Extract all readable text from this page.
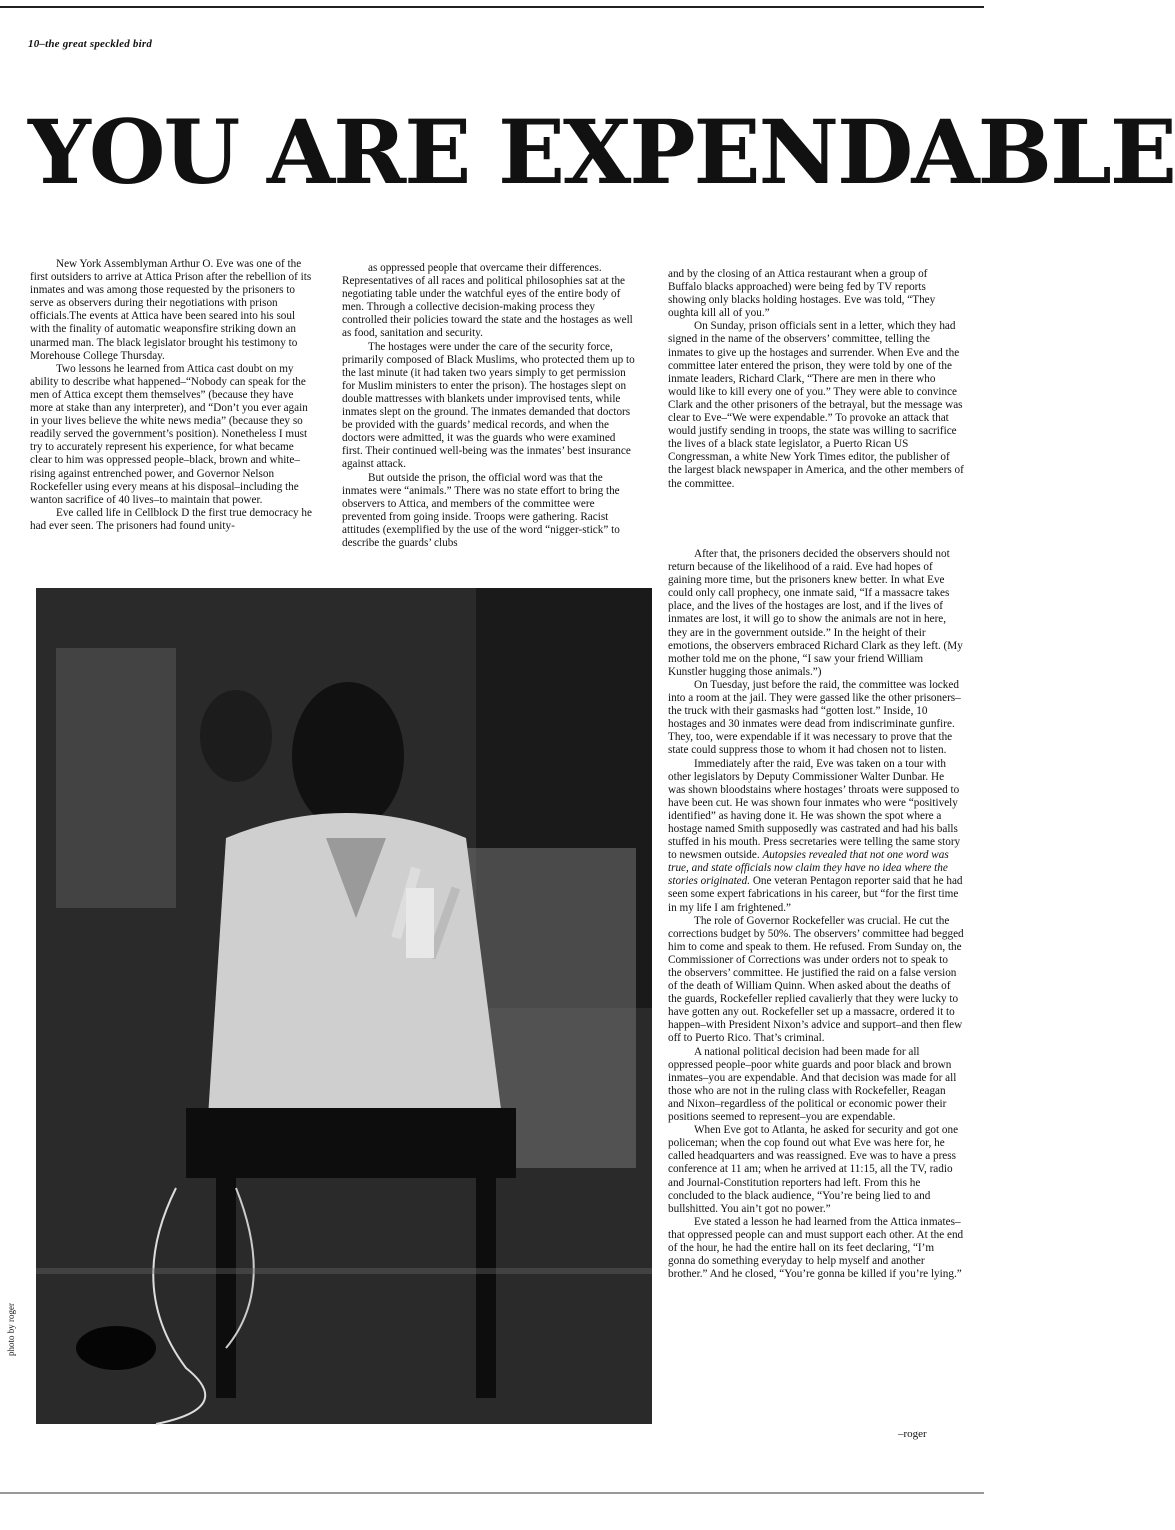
10–the great speckled bird
YOU ARE EXPENDABLE

New York Assemblyman Arthur O. Eve was one of the first outsiders to arrive at Attica Prison after the rebellion of its inmates and was among those requested by the prisoners to serve as observers during their negotiations with prison officials.The events at Attica have been seared into his soul with the finality of automatic weaponsfire striking down an unarmed man. The black legislator brought his testimony to Morehouse College Thursday.

Two lessons he learned from Attica cast doubt on my ability to describe what happened–“Nobody can speak for the men of Attica except them themselves” (because they have more at stake than any interpreter), and “Don’t you ever again in your lives believe the white news media” (because they so readily served the government’s position). Nonetheless I must try to accurately represent his experience, for what became clear to him was oppressed people–black, brown and white–rising against entrenched power, and Governor Nelson Rockefeller using every means at his disposal–including the wanton sacrifice of 40 lives–to maintain that power.

Eve called life in Cellblock D the first true democracy he had ever seen. The prisoners had found unity-

as oppressed people that overcame their differences. Representatives of all races and political philosophies sat at the negotiating table under the watchful eyes of the entire body of men. Through a collective decision-making process they controlled their policies toward the state and the hostages as well as food, sanitation and security.

The hostages were under the care of the security force, primarily composed of Black Muslims, who protected them up to the last minute (it had taken two years simply to get permission for Muslim ministers to enter the prison). The hostages slept on double mattresses with blankets under improvised tents, while inmates slept on the ground. The inmates demanded that doctors be provided with the guards’ medical records, and when the doctors were admitted, it was the guards who were examined first. Their continued well-being was the inmates’ best insurance against attack.

But outside the prison, the official word was that the inmates were “animals.” There was no state effort to bring the observers to Attica, and members of the committee were prevented from going inside. Troops were gathering. Racist attitudes (exemplified by the use of the word “nigger-stick” to describe the guards’ clubs

and by the closing of an Attica restaurant when a group of Buffalo blacks approached) were being fed by TV reports showing only blacks holding hostages. Eve was told, “They oughta kill all of you.”

On Sunday, prison officials sent in a letter, which they had signed in the name of the observers’ committee, telling the inmates to give up the hostages and surrender. When Eve and the committee later entered the prison, they were told by one of the inmate leaders, Richard Clark, “There are men in there who would like to kill every one of you.” They were able to convince Clark and the other prisoners of the betrayal, but the message was clear to Eve–“We were expendable.” To provoke an attack that would justify sending in troops, the state was willing to sacrifice the lives of a black state legislator, a Puerto Rican US Congressman, a white New York Times editor, the publisher of the largest black newspaper in America, and the other members of the committee.

After that, the prisoners decided the observers should not return because of the likelihood of a raid. Eve had hopes of gaining more time, but the prisoners knew better. In what Eve could only call prophecy, one inmate said, “If a massacre takes place, and the lives of the hostages are lost, and if the lives of inmates are lost, it will go to show the animals are not in here, they are in the government outside.” In the height of their emotions, the observers embraced Richard Clark as they left. (My mother told me on the phone, “I saw your friend William Kunstler hugging those animals.”)

On Tuesday, just before the raid, the committee was locked into a room at the jail. They were gassed like the other prisoners–the truck with their gasmasks had “gotten lost.” Inside, 10 hostages and 30 inmates were dead from indiscriminate gunfire. They, too, were expendable if it was necessary to prove that the state could suppress those to whom it had chosen not to listen.

Immediately after the raid, Eve was taken on a tour with other legislators by Deputy Commissioner Walter Dunbar. He was shown bloodstains where hostages’ throats were supposed to have been cut. He was shown four inmates who were “positively identified” as having done it. He was shown the spot where a hostage named Smith supposedly was castrated and had his balls stuffed in his mouth. Press secretaries were telling the same story to newsmen outside. Autopsies revealed that not one word was true, and state officials now claim they have no idea where the stories originated. One veteran Pentagon reporter said that he had seen some expert fabrications in his career, but “for the first time in my life I am frightened.”

The role of Governor Rockefeller was crucial. He cut the corrections budget by 50%. The observers’ committee had begged him to come and speak to them. He refused. From Sunday on, the Commissioner of Corrections was under orders not to speak to the observers’ committee. He justified the raid on a false version of the death of William Quinn. When asked about the deaths of the guards, Rockefeller replied cavalierly that they were lucky to have gotten any out. Rockefeller set up a massacre, ordered it to happen–with President Nixon’s advice and support–and then flew off to Puerto Rico. That’s criminal.

A national political decision had been made for all oppressed people–poor white guards and poor black and brown inmates–you are expendable. And that decision was made for all those who are not in the ruling class with Rockefeller, Reagan and Nixon–regardless of the political or economic power their positions seemed to represent–you are expendable.

When Eve got to Atlanta, he asked for security and got one policeman; when the cop found out what Eve was here for, he called headquarters and was reassigned. Eve was to have a press conference at 11 am; when he arrived at 11:15, all the TV, radio and Journal-Constitution reporters had left. From this he concluded to the black audience, “You’re being lied to and bullshitted. You ain’t got no power.”

Eve stated a lesson he had learned from the Attica inmates–that oppressed people can and must support each other. At the end of the hour, he had the entire hall on its feet declaring, “I’m gonna do something everyday to help myself and another brother.” And he closed, “You’re gonna be killed if you’re lying.”

photo by roger
–roger
